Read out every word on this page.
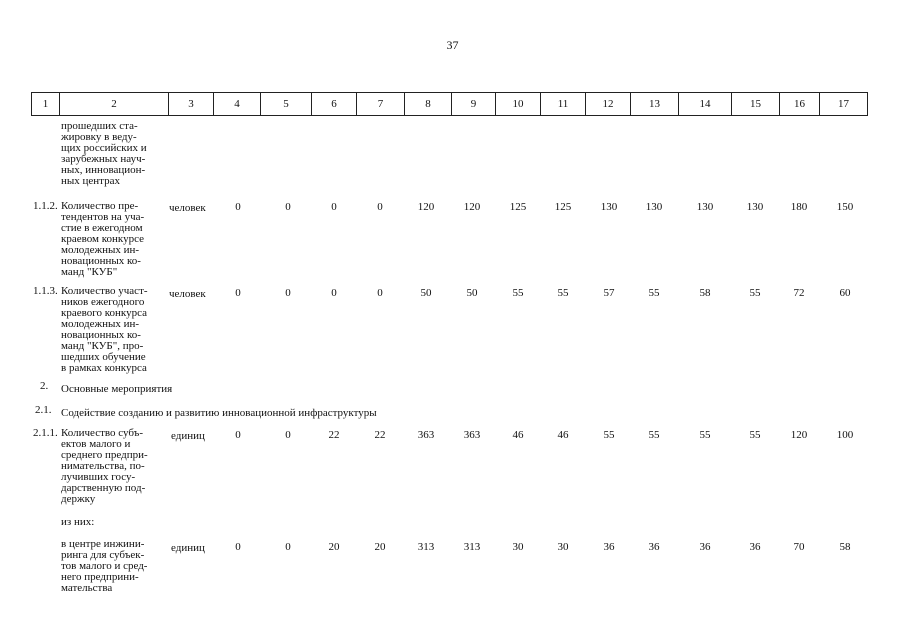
37
1	2	3	4	5	6	7	8	9	10	11	12	13	14	15	16	17
прошедших ста-
жировку в веду-
щих российских и
зарубежных науч-
ных, инновацион-
ных центрах
1.1.2. Количество пре-
тендентов на уча-
стие в ежегодном
краевом конкурсе
молодежных ин-
новационных ко-
манд "КУБ"
человек	0	0	0	0	120	120	125	125	130	130	130	130	180	150
1.1.3. Количество участ-
ников ежегодного
краевого конкурса
молодежных ин-
новационных ко-
манд "КУБ", про-
шедших обучение
в рамках конкурса
человек	0	0	0	0	50	50	55	55	57	55	58	55	72	60
2. Основные мероприятия
2.1. Содействие созданию и развитию инновационной инфраструктуры
2.1.1. Количество субъ-
ектов малого и
среднего предпри-
нимательства, по-
лучивших госу-
дарственную под-
держку
единиц	0	0	22	22	363	363	46	46	55	55	55	55	120	100
из них:
в центре инжини-
ринга для субъек-
тов малого и сред-
него предприни-
мательства
единиц	0	0	20	20	313	313	30	30	36	36	36	36	70	58
